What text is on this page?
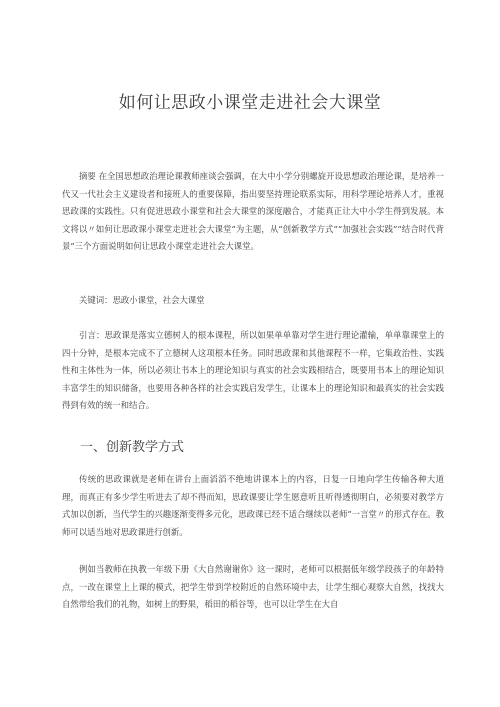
如何让思政小课堂走进社会大课堂

摘要 在全国思想政治理论课教师座谈会强调，在大中小学分别螺旋开设思想政治理论课，是培养一代又一代社会主义建设者和接班人的重要保障，指出要坚持理论联系实际，用科学理论培养人才，重视思政课的实践性。只有促进思政小课堂和社会大课堂的深度融合，才能真正让大中小学生得到发展。本文将以〃如何让思政课小课堂走进社会大课堂”为主题，从“创新教学方式”“加强社会实践”“结合时代背景”三个方面说明如何让思政小课堂走进社会大课堂。

关键词：思政小课堂，社会大课堂

引言：思政课是落实立德树人的根本课程，所以如果单单靠对学生进行理论灌输，单单靠课堂上的四十分钟，是根本完成不了立德树人这项根本任务。同时思政课和其他课程不一样，它集政治性、实践性和主体性为一体，所以必须让书本上的理论知识与真实的社会实践相结合，既要用书本上的理论知识丰富学生的知识储备，也要用各种各样的社会实践启发学生，让课本上的理论知识和最真实的社会实践得到有效的统一和结合。

一、创新教学方式

传统的思政课就是老师在讲台上面滔滔不绝地讲课本上的内容，日复一日地向学生传输各种大道理，而真正有多少学生听进去了却不得而知，思政课要让学生愿意听且听得透彻明白，必须要对教学方式加以创新，当代学生的兴趣逐渐变得多元化，思政课已经不适合继续以老师”一言堂〃的形式存在。教师可以适当地对思政课进行创新。

例如当教师在执教一年级下册《大自然谢谢你》这一课时，老师可以根据低年级学段孩子的年龄特点，一改在课堂上上课的模式，把学生带到学校附近的自然环境中去，让学生细心观察大自然，找找大自然带给我们的礼物，如树上的野果，稻田的稻谷等，也可以让学生在大自
